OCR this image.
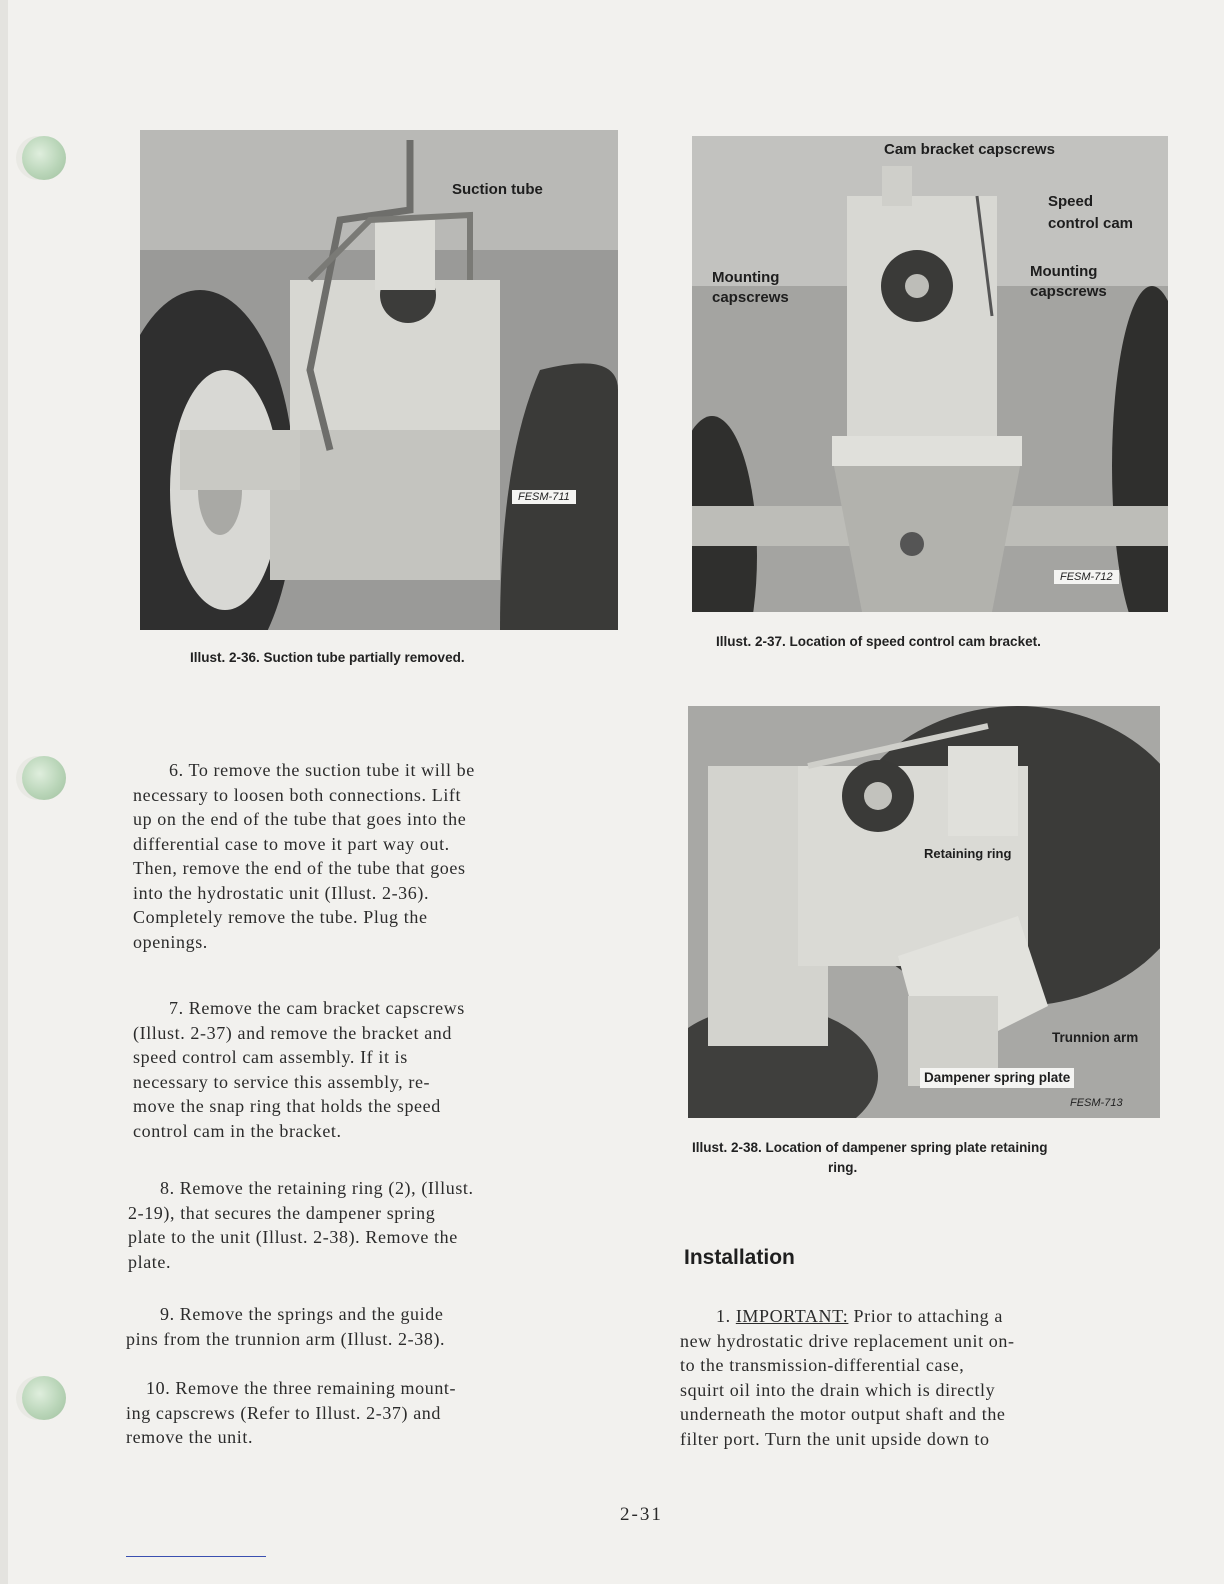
Suction tube
FESM-711
Illust. 2-36. Suction tube partially removed.
Cam bracket capscrews
Speed
control cam
Mounting
capscrews
Mounting
capscrews
FESM-712
Illust. 2-37. Location of speed control cam bracket.
Retaining ring
Trunnion arm
Dampener spring plate
FESM-713
Illust. 2-38. Location of dampener spring plate retaining
ring.
6. To remove the suction tube it will be
necessary to loosen both connections. Lift
up on the end of the tube that goes into the
differential case to move it part way out.
Then, remove the end of the tube that goes
into the hydrostatic unit (Illust. 2-36).
Completely remove the tube. Plug the
openings.
7. Remove the cam bracket capscrews
(Illust. 2-37) and remove the bracket and
speed control cam assembly. If it is
necessary to service this assembly, re-
move the snap ring that holds the speed
control cam in the bracket.
8. Remove the retaining ring (2), (Illust.
2-19), that secures the dampener spring
plate to the unit (Illust. 2-38). Remove the
plate.
9. Remove the springs and the guide
pins from the trunnion arm (Illust. 2-38).
10. Remove the three remaining mount-
ing capscrews (Refer to Illust. 2-37) and
remove the unit.
Installation
1. IMPORTANT: Prior to attaching a
new hydrostatic drive replacement unit on-
to the transmission-differential case,
squirt oil into the drain which is directly
underneath the motor output shaft and the
filter port. Turn the unit upside down to
2-31
